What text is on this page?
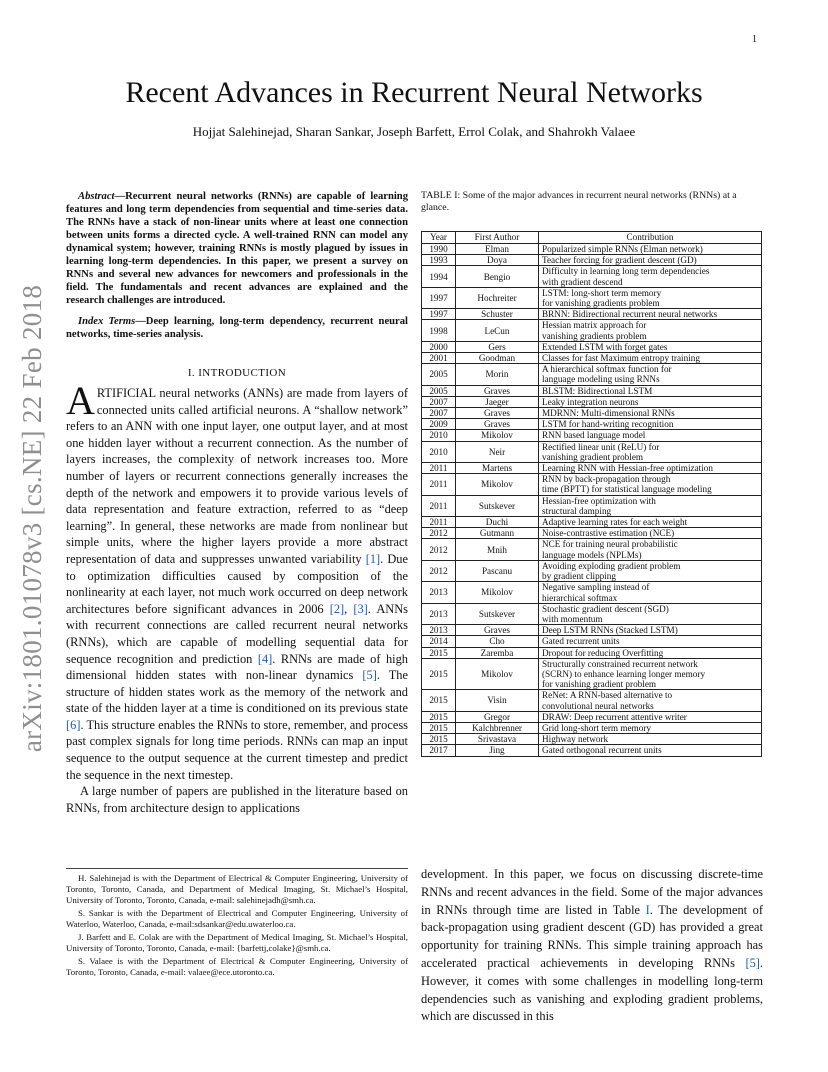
1
arXiv:1801.01078v3 [cs.NE] 22 Feb 2018
Recent Advances in Recurrent Neural Networks
Hojjat Salehinejad, Sharan Sankar, Joseph Barfett, Errol Colak, and Shahrokh Valaee

Abstract—Recurrent neural networks (RNNs) are capable of learning features and long term dependencies from sequential and time-series data. The RNNs have a stack of non-linear units where at least one connection between units forms a directed cycle. A well-trained RNN can model any dynamical system; however, training RNNs is mostly plagued by issues in learning long-term dependencies. In this paper, we present a survey on RNNs and several new advances for newcomers and professionals in the field. The fundamentals and recent advances are explained and the research challenges are introduced.

Index Terms—Deep learning, long-term dependency, recurrent neural networks, time-series analysis.

I. INTRODUCTION

ARTIFICIAL neural networks (ANNs) are made from layers of connected units called artificial neurons. A “shallow network” refers to an ANN with one input layer, one output layer, and at most one hidden layer without a recurrent connection. As the number of layers increases, the complexity of network increases too. More number of layers or recurrent connections generally increases the depth of the network and empowers it to provide various levels of data representation and feature extraction, referred to as “deep learning”. In general, these networks are made from nonlinear but simple units, where the higher layers provide a more abstract representation of data and suppresses unwanted variability [1]. Due to optimization difficulties caused by composition of the nonlinearity at each layer, not much work occurred on deep network architectures before significant advances in 2006 [2], [3]. ANNs with recurrent connections are called recurrent neural networks (RNNs), which are capable of modelling sequential data for sequence recognition and prediction [4]. RNNs are made of high dimensional hidden states with non-linear dynamics [5]. The structure of hidden states work as the memory of the network and state of the hidden layer at a time is conditioned on its previous state [6]. This structure enables the RNNs to store, remember, and process past complex signals for long time periods. RNNs can map an input sequence to the output sequence at the current timestep and predict the sequence in the next timestep.

A large number of papers are published in the literature based on RNNs, from architecture design to applications

H. Salehinejad is with the Department of Electrical & Computer Engineering, University of Toronto, Toronto, Canada, and Department of Medical Imaging, St. Michael’s Hospital, University of Toronto, Toronto, Canada, e-mail: salehinejadh@smh.ca.

S. Sankar is with the Department of Electrical and Computer Engineering, University of Waterloo, Waterloo, Canada, e-mail:sdsankar@edu.uwaterloo.ca.

J. Barfett and E. Colak are with the Department of Medical Imaging, St. Michael’s Hospital, University of Toronto, Toronto, Canada, e-mail: {barfettj,colake}@smh.ca.

S. Valaee is with the Department of Electrical & Computer Engineering, University of Toronto, Toronto, Canada, e-mail: valaee@ece.utoronto.ca.

TABLE I: Some of the major advances in recurrent neural networks (RNNs) at a glance.
Year	First Author	Contribution
1990	Elman	Popularized simple RNNs (Elman network)
1993	Doya	Teacher forcing for gradient descent (GD)
1994	Bengio	Difficulty in learning long term dependencies
with gradient descend
1997	Hochreiter	LSTM: long-short term memory
for vanishing gradients problem
1997	Schuster	BRNN: Bidirectional recurrent neural networks
1998	LeCun	Hessian matrix approach for
vanishing gradients problem
2000	Gers	Extended LSTM with forget gates
2001	Goodman	Classes for fast Maximum entropy training
2005	Morin	A hierarchical softmax function for
language modeling using RNNs
2005	Graves	BLSTM: Bidirectional LSTM
2007	Jaeger	Leaky integration neurons
2007	Graves	MDRNN: Multi-dimensional RNNs
2009	Graves	LSTM for hand-writing recognition
2010	Mikolov	RNN based language model
2010	Neir	Rectified linear unit (ReLU) for
vanishing gradient problem
2011	Martens	Learning RNN with Hessian-free optimization
2011	Mikolov	RNN by back-propagation through
time (BPTT) for statistical language modeling
2011	Sutskever	Hessian-free optimization with
structural damping
2011	Duchi	Adaptive learning rates for each weight
2012	Gutmann	Noise-contrastive estimation (NCE)
2012	Mnih	NCE for training neural probabilistic
language models (NPLMs)
2012	Pascanu	Avoiding exploding gradient problem
by gradient clipping
2013	Mikolov	Negative sampling instead of
hierarchical softmax
2013	Sutskever	Stochastic gradient descent (SGD)
with momentum
2013	Graves	Deep LSTM RNNs (Stacked LSTM)
2014	Cho	Gated recurrent units
2015	Zaremba	Dropout for reducing Overfitting
2015	Mikolov	Structurally constrained recurrent network
(SCRN) to enhance learning longer memory
for vanishing gradient problem
2015	Visin	ReNet: A RNN-based alternative to
convolutional neural networks
2015	Gregor	DRAW: Deep recurrent attentive writer
2015	Kalchbrenner	Grid long-short term memory
2015	Srivastava	Highway network
2017	Jing	Gated orthogonal recurrent units

development. In this paper, we focus on discussing discrete-time RNNs and recent advances in the field. Some of the major advances in RNNs through time are listed in Table I. The development of back-propagation using gradient descent (GD) has provided a great opportunity for training RNNs. This simple training approach has accelerated practical achievements in developing RNNs [5]. However, it comes with some challenges in modelling long-term dependencies such as vanishing and exploding gradient problems, which are discussed in this
